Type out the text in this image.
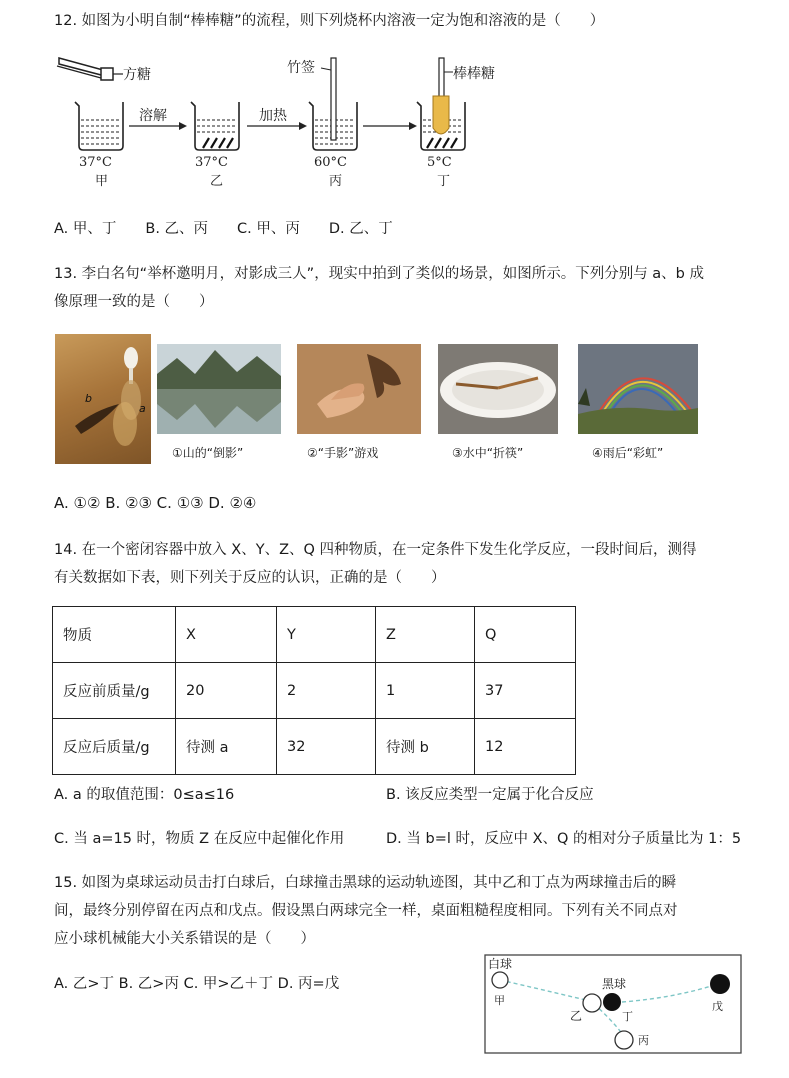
12. 如图为小明自制“棒棒糖”的流程，则下列烧杯内溶液一定为饱和溶液的是（　　）
方糖
37°C
甲
溶解
37°C
乙
加热
竹签
60°C
丙
棒棒糖
5°C
丁
A. 甲、丁　　B. 乙、丙　　C. 甲、丙　　D. 乙、丁
13. 李白名句“举杯邀明月，对影成三人”，现实中拍到了类似的场景，如图所示。下列分别与 a、b 成
像原理一致的是（　　）
b
a
①山的“倒影”	②“手影”游戏	③水中“折筷”	④雨后“彩虹”
A. ①② B. ②③ C. ①③ D. ②④
14. 在一个密闭容器中放入 X、Y、Z、Q 四种物质，在一定条件下发生化学反应，一段时间后，测得
有关数据如下表，则下列关于反应的认识，正确的是（　　）
物质	X	Y	Z	Q
反应前质量/g	20	2	1	37
反应后质量/g	待测 a	32	待测 b	12
A. a 的取值范围：0≤a≤16	B. 该反应类型一定属于化合反应
C. 当 a=15 时，物质 Z 在反应中起催化作用	D. 当 b=l 时，反应中 X、Q 的相对分子质量比为 1：5
15. 如图为桌球运动员击打白球后，白球撞击黑球的运动轨迹图，其中乙和丁点为两球撞击后的瞬
间，最终分别停留在丙点和戊点。假设黑白两球完全一样，桌面粗糙程度相同。下列有关不同点对
应小球机械能大小关系错误的是（　　）
A. 乙>丁 B. 乙>丙 C. 甲>乙＋丁 D. 丙=戊
白球
甲
黑球
乙	丁
丙
戊
